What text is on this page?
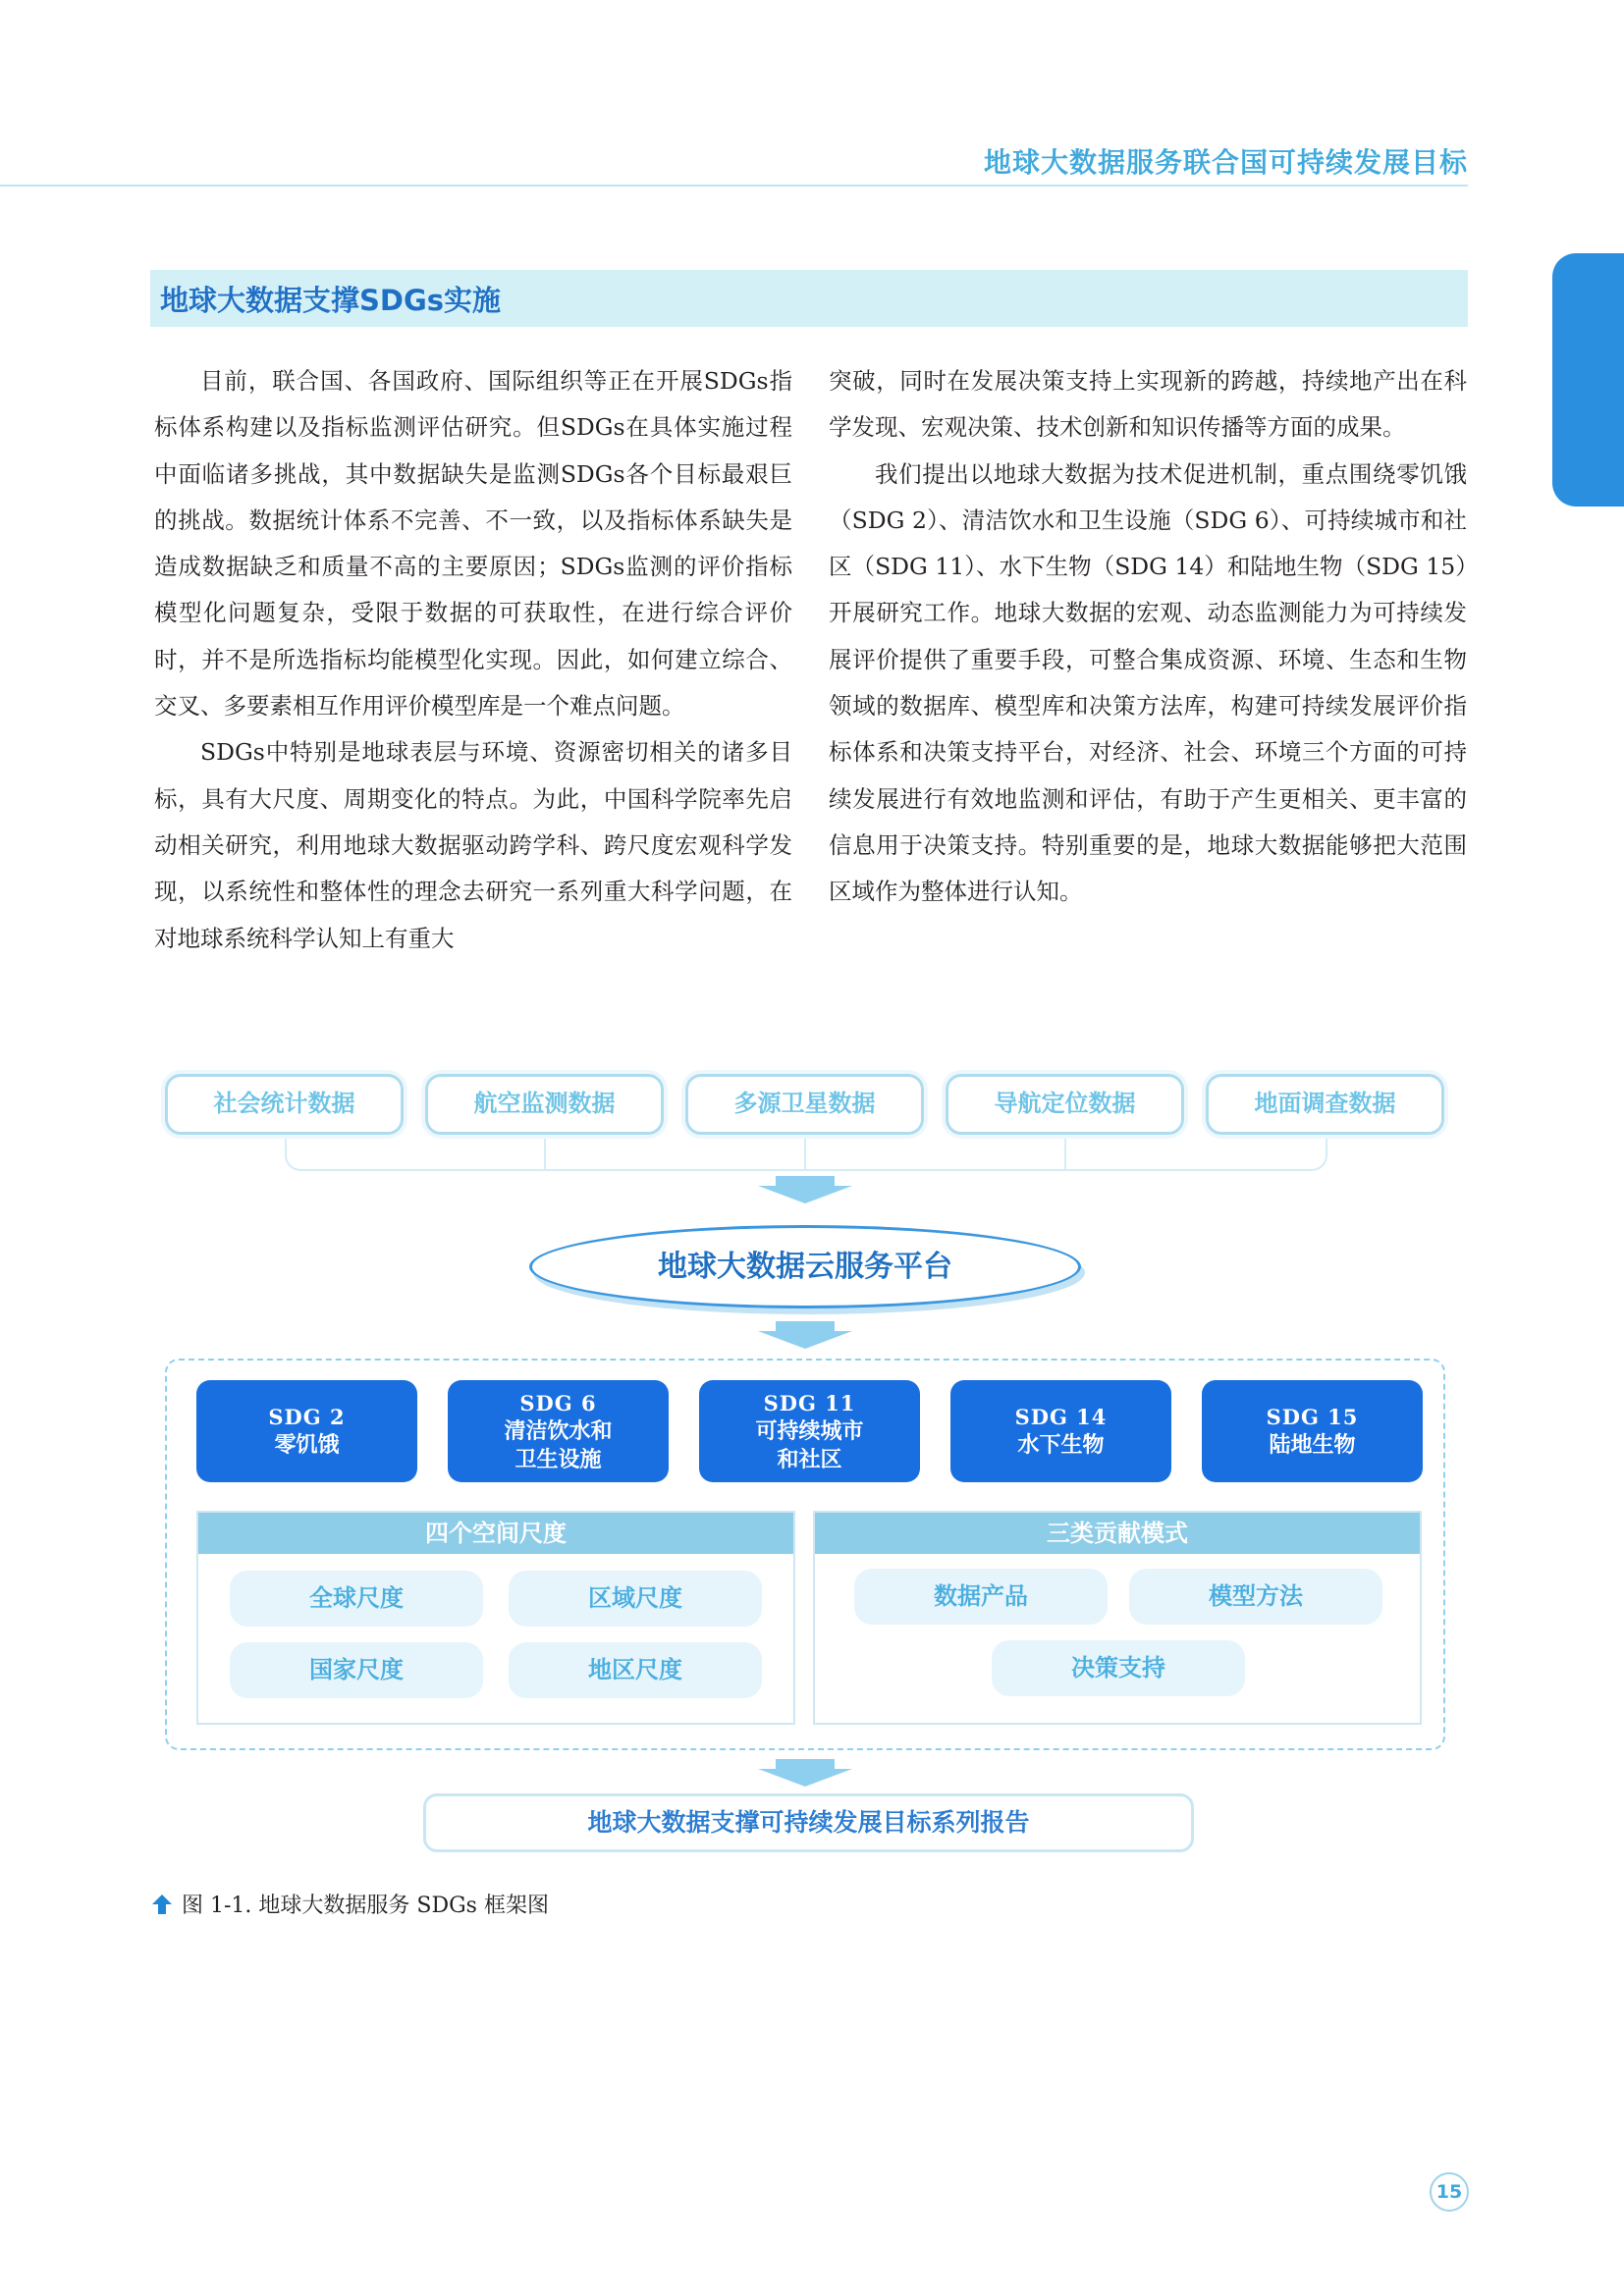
地球大数据服务联合国可持续发展目标
地球大数据支撑SDGs实施

目前，联合国、各国政府、国际组织等正在开展SDGs指标体系构建以及指标监测评估研究。但SDGs在具体实施过程中面临诸多挑战，其中数据缺失是监测SDGs各个目标最艰巨的挑战。数据统计体系不完善、不一致，以及指标体系缺失是造成数据缺乏和质量不高的主要原因；SDGs监测的评价指标模型化问题复杂，受限于数据的可获取性，在进行综合评价时，并不是所选指标均能模型化实现。因此，如何建立综合、交叉、多要素相互作用评价模型库是一个难点问题。

SDGs中特别是地球表层与环境、资源密切相关的诸多目标，具有大尺度、周期变化的特点。为此，中国科学院率先启动相关研究，利用地球大数据驱动跨学科、跨尺度宏观科学发现，以系统性和整体性的理念去研究一系列重大科学问题，在对地球系统科学认知上有重大

突破，同时在发展决策支持上实现新的跨越，持续地产出在科学发现、宏观决策、技术创新和知识传播等方面的成果。

我们提出以地球大数据为技术促进机制，重点围绕零饥饿（SDG 2）、清洁饮水和卫生设施（SDG 6）、可持续城市和社区（SDG 11）、水下生物（SDG 14）和陆地生物（SDG 15）开展研究工作。地球大数据的宏观、动态监测能力为可持续发展评价提供了重要手段，可整合集成资源、环境、生态和生物领域的数据库、模型库和决策方法库，构建可持续发展评价指标体系和决策支持平台，对经济、社会、环境三个方面的可持续发展进行有效地监测和评估，有助于产生更相关、更丰富的信息用于决策支持。特别重要的是，地球大数据能够把大范围区域作为整体进行认知。

社会统计数据	航空监测数据	多源卫星数据	导航定位数据	地面调查数据
地球大数据云服务平台
SDG 2
零饥饿
SDG 6
清洁饮水和
卫生设施
SDG 11
可持续城市
和社区
SDG 14
水下生物
SDG 15
陆地生物
四个空间尺度
全球尺度	区域尺度
国家尺度	地区尺度
三类贡献模式
数据产品	模型方法
决策支持
地球大数据支撑可持续发展目标系列报告
图 1-1. 地球大数据服务 SDGs 框架图
15
